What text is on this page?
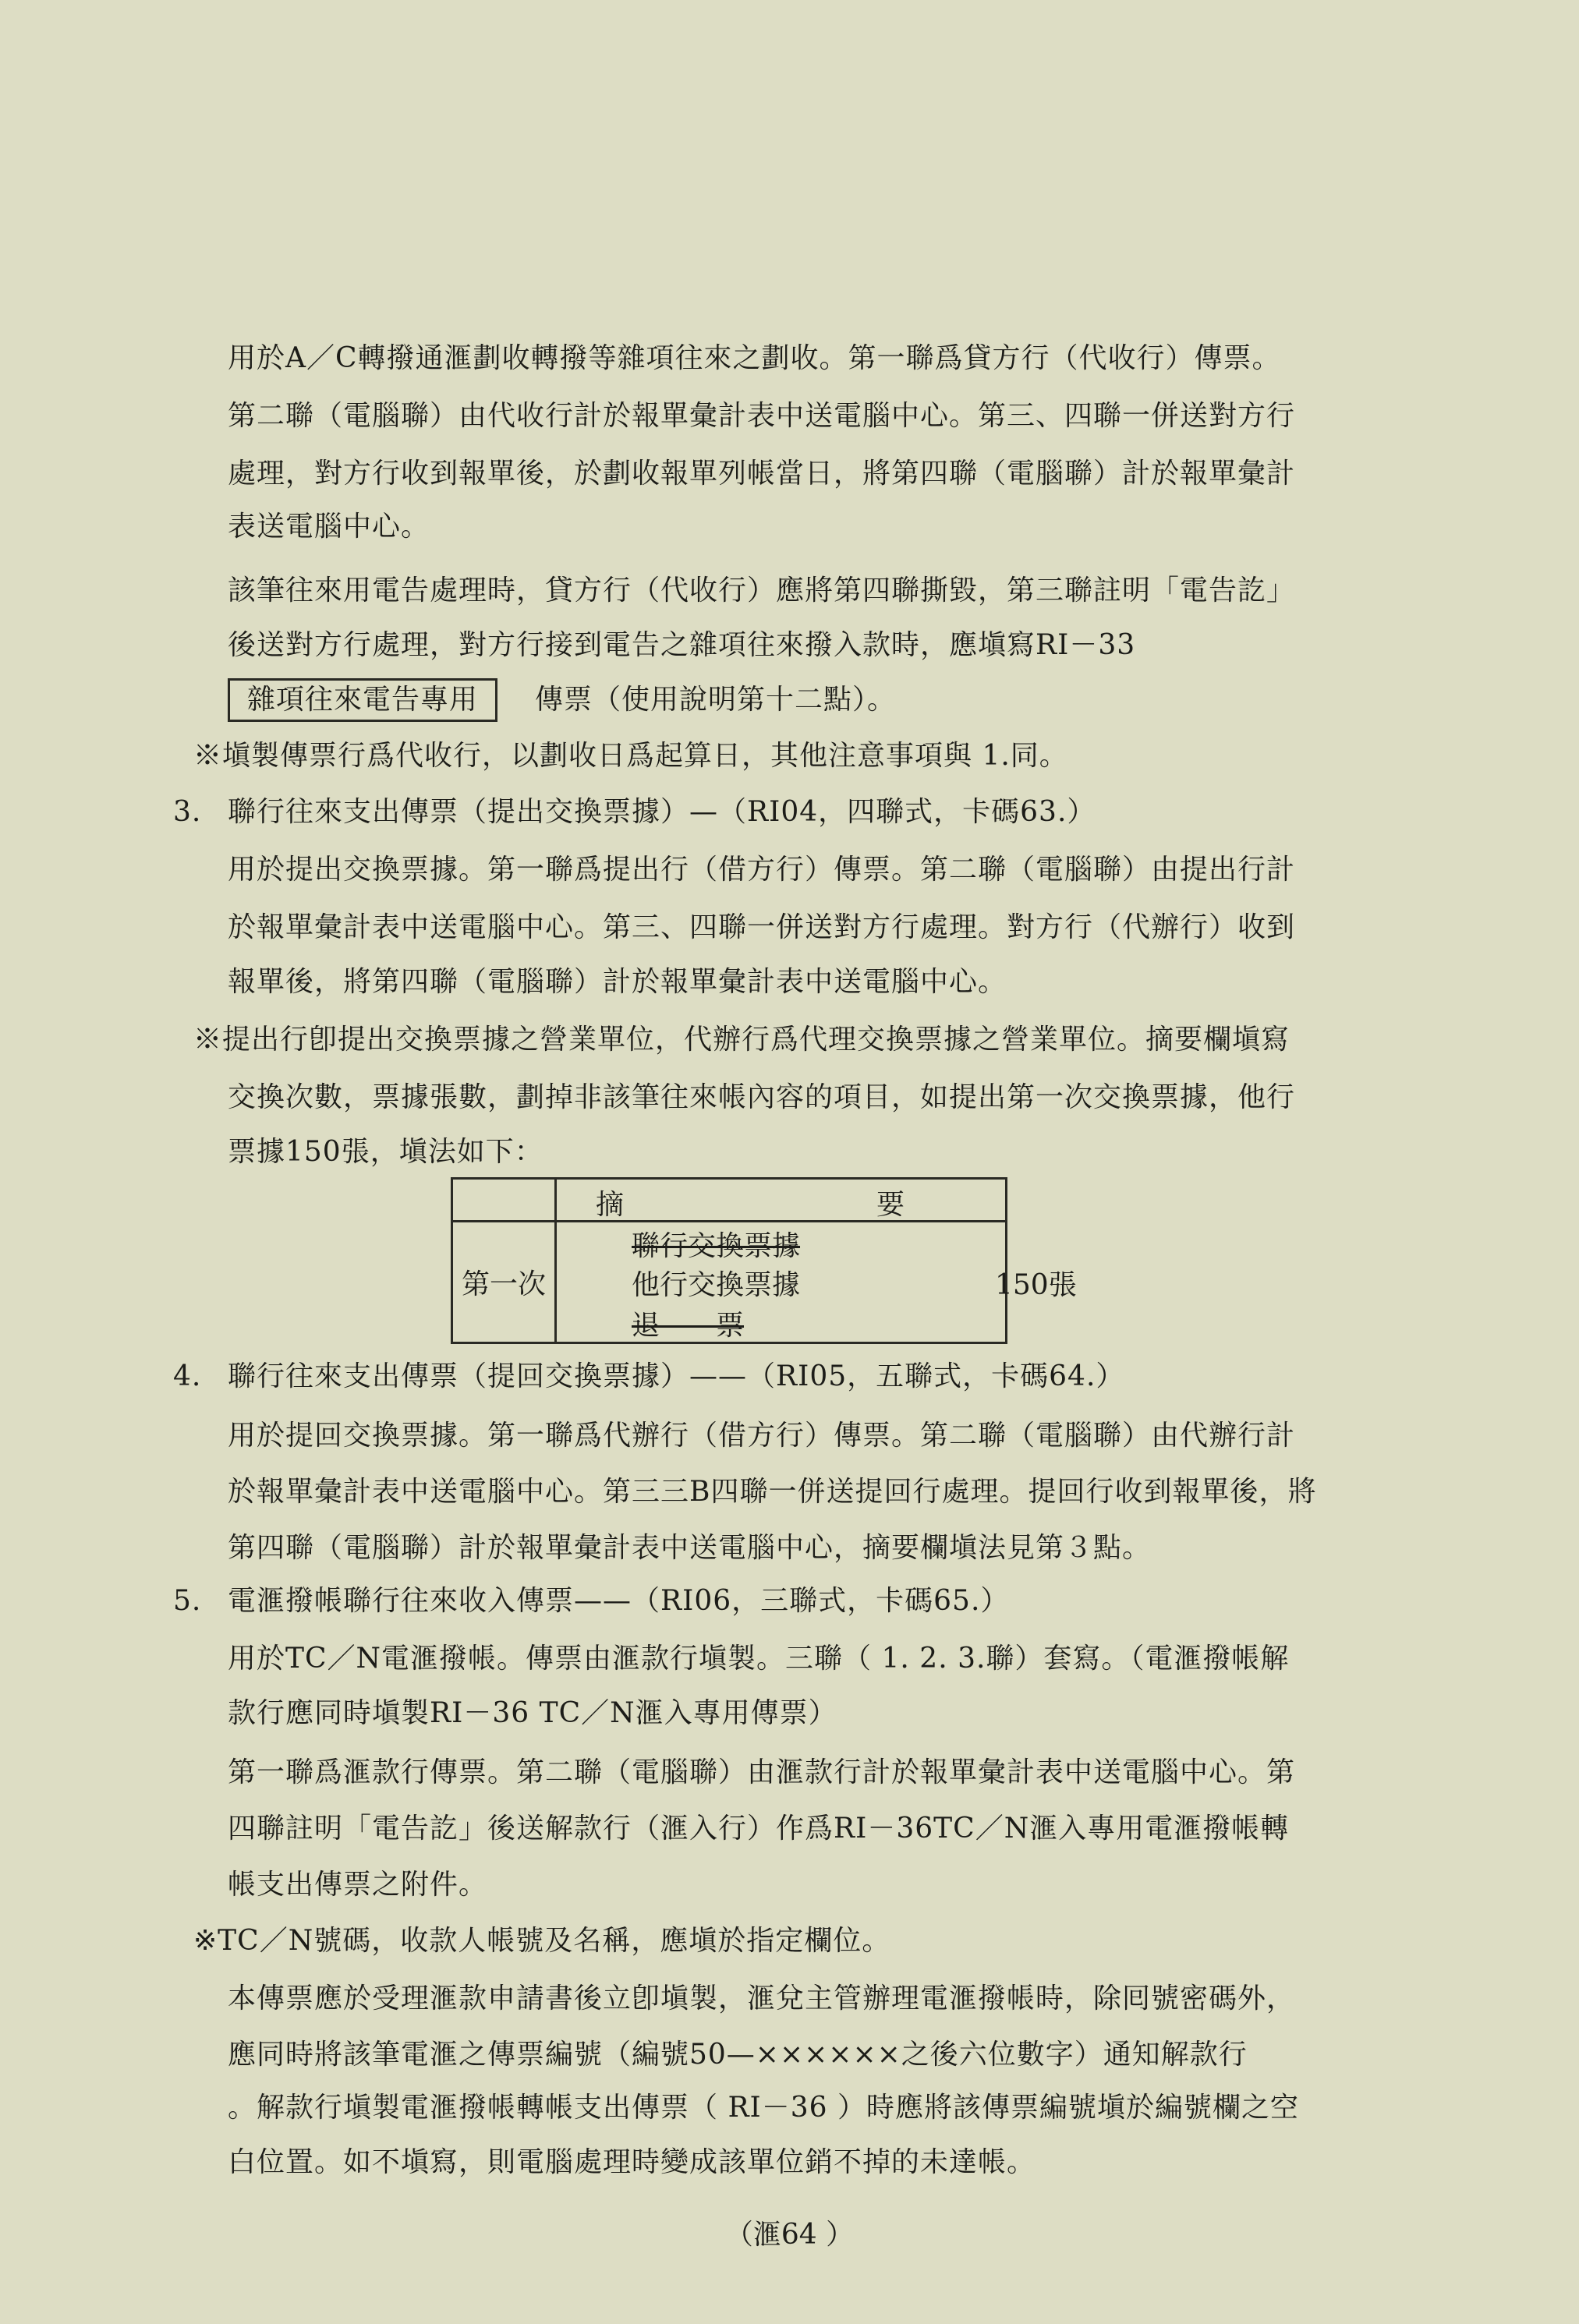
用於A／C轉撥通滙劃收轉撥等雜項往來之劃收。第一聯爲貸方行（代收行）傳票。
第二聯（電腦聯）由代收行計於報單彙計表中送電腦中心。第三、四聯一併送對方行
處理，對方行收到報單後，於劃收報單列帳當日，將第四聯（電腦聯）計於報單彙計
表送電腦中心。
該筆往來用電告處理時，貸方行（代收行）應將第四聯撕毀，第三聯註明「電告訖」
後送對方行處理，對方行接到電告之雜項往來撥入款時，應塡寫RI－33
※塡製傳票行爲代收行，以劃收日爲起算日，其他注意事項與 1.同。
3. 聯行往來支出傳票（提出交換票據）—（RI04，四聯式，卡碼63.）
用於提出交換票據。第一聯爲提出行（借方行）傳票。第二聯（電腦聯）由提出行計
於報單彙計表中送電腦中心。第三、四聯一併送對方行處理。對方行（代辦行）收到
報單後，將第四聯（電腦聯）計於報單彙計表中送電腦中心。
※提出行卽提出交換票據之營業單位，代辦行爲代理交換票據之營業單位。摘要欄塡寫
交換次數，票據張數，劃掉非該筆往來帳內容的項目，如提出第一次交換票據，他行
票據150張，塡法如下：
4. 聯行往來支出傳票（提回交換票據）——（RI05，五聯式，卡碼64.）
用於提回交換票據。第一聯爲代辦行（借方行）傳票。第二聯（電腦聯）由代辦行計
於報單彙計表中送電腦中心。第三三B四聯一併送提回行處理。提回行收到報單後，將
第四聯（電腦聯）計於報單彙計表中送電腦中心，摘要欄塡法見第３點。
5. 電滙撥帳聯行往來收入傳票——（RI06，三聯式，卡碼65.）
用於TC／N電滙撥帳。傳票由滙款行塡製。三聯（ 1. 2. 3.聯）套寫。（電滙撥帳解
款行應同時塡製RI－36 TC／N滙入專用傳票）
第一聯爲滙款行傳票。第二聯（電腦聯）由滙款行計於報單彙計表中送電腦中心。第
四聯註明「電告訖」後送解款行（滙入行）作爲RI－36TC／N滙入專用電滙撥帳轉
帳支出傳票之附件。
※TC／N號碼，收款人帳號及名稱，應塡於指定欄位。
本傳票應於受理滙款申請書後立卽塡製，滙兌主管辦理電滙撥帳時，除囘號密碼外，
應同時將該筆電滙之傳票編號（編號50—××××××之後六位數字）通知解款行
。解款行塡製電滙撥帳轉帳支出傳票（ RI－36 ）時應將該傳票編號塡於編號欄之空
白位置。如不塡寫，則電腦處理時變成該單位銷不掉的未達帳。
雜項往來電告專用 傳票（使用說明第十二點）。

	摘 要

第一次	聯行交換票據
他行交換票據 150張
退　　票
（滙64 ）
